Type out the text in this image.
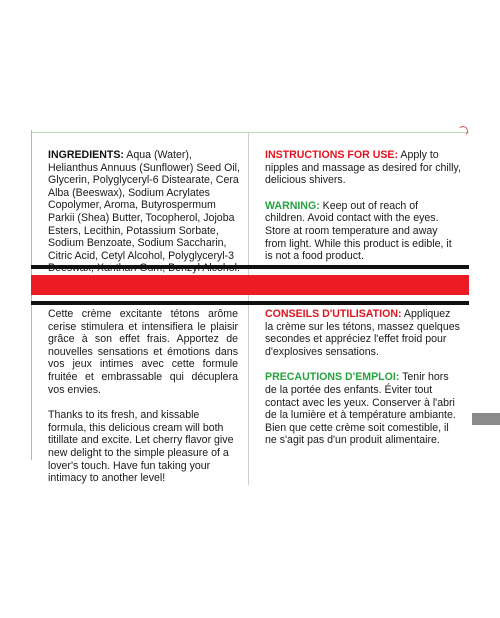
INGREDIENTS: Aqua (Water), Helianthus Annuus (Sunflower) Seed Oil, Glycerin, Polyglyceryl-6 Distearate, Cera Alba (Beeswax), Sodium Acrylates Copolymer, Aroma, Butyrospermum Parkii (Shea) Butter, Tocopherol, Jojoba Esters, Lecithin, Potassium Sorbate, Sodium Benzoate, Sodium Saccharin, Citric Acid, Cetyl Alcohol, Polyglyceryl-3

INSTRUCTIONS FOR USE: Apply to nipples and massage as desired for chilly, delicious shivers.

WARNING: Keep out of reach of children. Avoid contact with the eyes. Store at room temperature and away from light. While this product is edible, it is not a food product.

Cette crème excitante tétons arôme cerise stimulera et intensifiera le plaisir grâce à son effet frais. Apportez de nouvelles sensations et émotions dans vos jeux intimes avec cette formule fruitée et embrassable qui décuplera vos envies.

Thanks to its fresh, and kissable formula, this delicious cream will both titillate and excite. Let cherry flavor give new delight to the simple pleasure of a lover's touch. Have fun taking your intimacy to another level!

CONSEILS D'UTILISATION: Appliquez la crème sur les tétons, massez quelques secondes et appréciez l'effet froid pour d'explosives sensations.

PRECAUTIONS D'EMPLOI: Tenir hors de la portée des enfants. Éviter tout contact avec les yeux. Conserver à l'abri de la lumière et à température ambiante. Bien que cette crème soit comestible, il ne s'agit pas d'un produit alimentaire.
